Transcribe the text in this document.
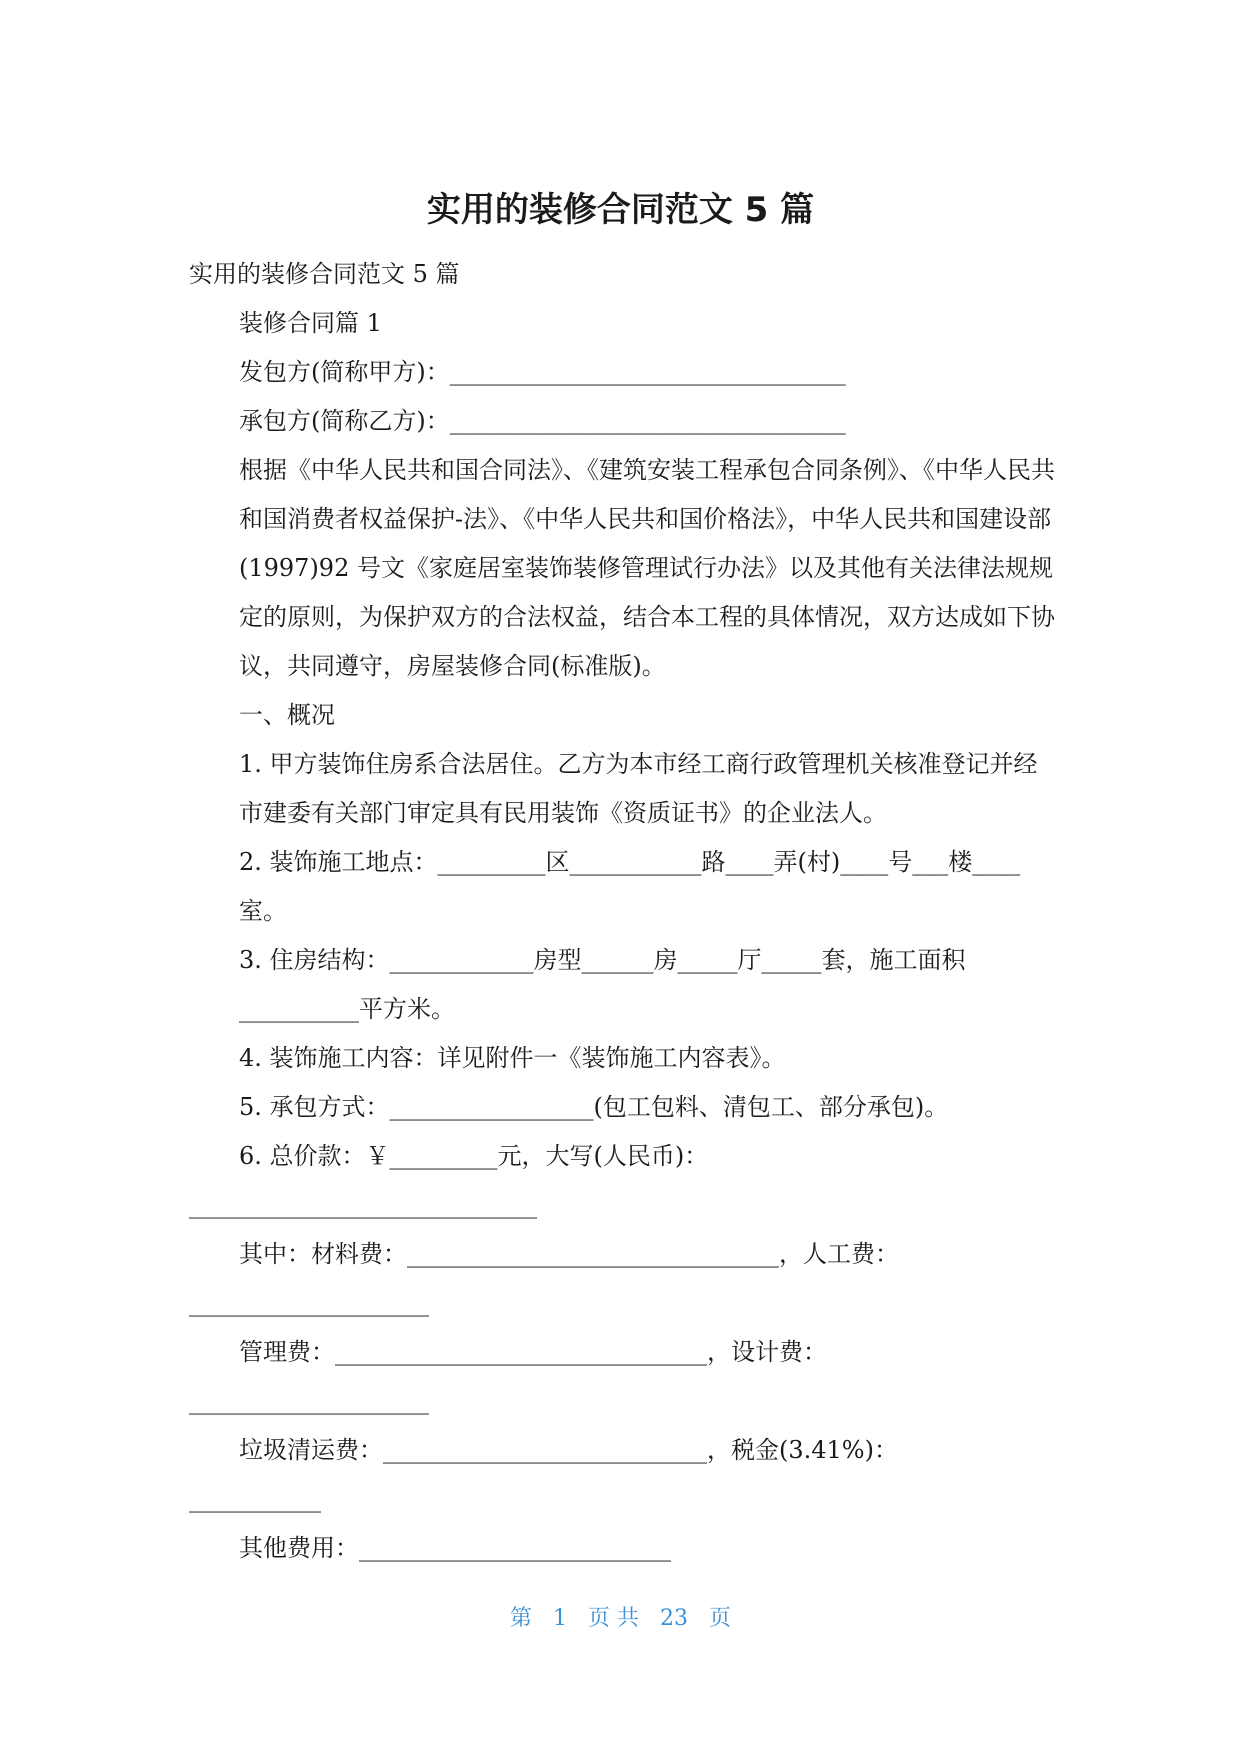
实用的装修合同范文 5 篇

实用的装修合同范文 5 篇

装修合同篇 1

发包方(简称甲方)：_________________________________

承包方(简称乙方)：_________________________________

根据《中华人民共和国合同法》、《建筑安装工程承包合同条例》、《中华人民共和国消费者权益保护-法》、《中华人民共和国价格法》，中华人民共和国建设部(1997)92 号文《家庭居室装饰装修管理试行办法》以及其他有关法律法规规定的原则，为保护双方的合法权益，结合本工程的具体情况，双方达成如下协议，共同遵守，房屋装修合同(标准版)。

一、概况

1. 甲方装饰住房系合法居住。乙方为本市经工商行政管理机关核准登记并经市建委有关部门审定具有民用装饰《资质证书》的企业法人。

2. 装饰施工地点：_________区___________路____弄(村)____号___楼____室。

3. 住房结构：____________房型______房_____厅_____套，施工面积__________平方米。

4. 装饰施工内容：详见附件一《装饰施工内容表》。

5. 承包方式：_________________(包工包料、清包工、部分承包)。

6. 总价款：￥_________元，大写(人民币)：

_____________________________

其中：材料费：_______________________________，人工费：

____________________

管理费：_______________________________，设计费：

____________________

垃圾清运费：___________________________，税金(3.41%)：

___________

其他费用：__________________________

第   1   页 共   23   页
